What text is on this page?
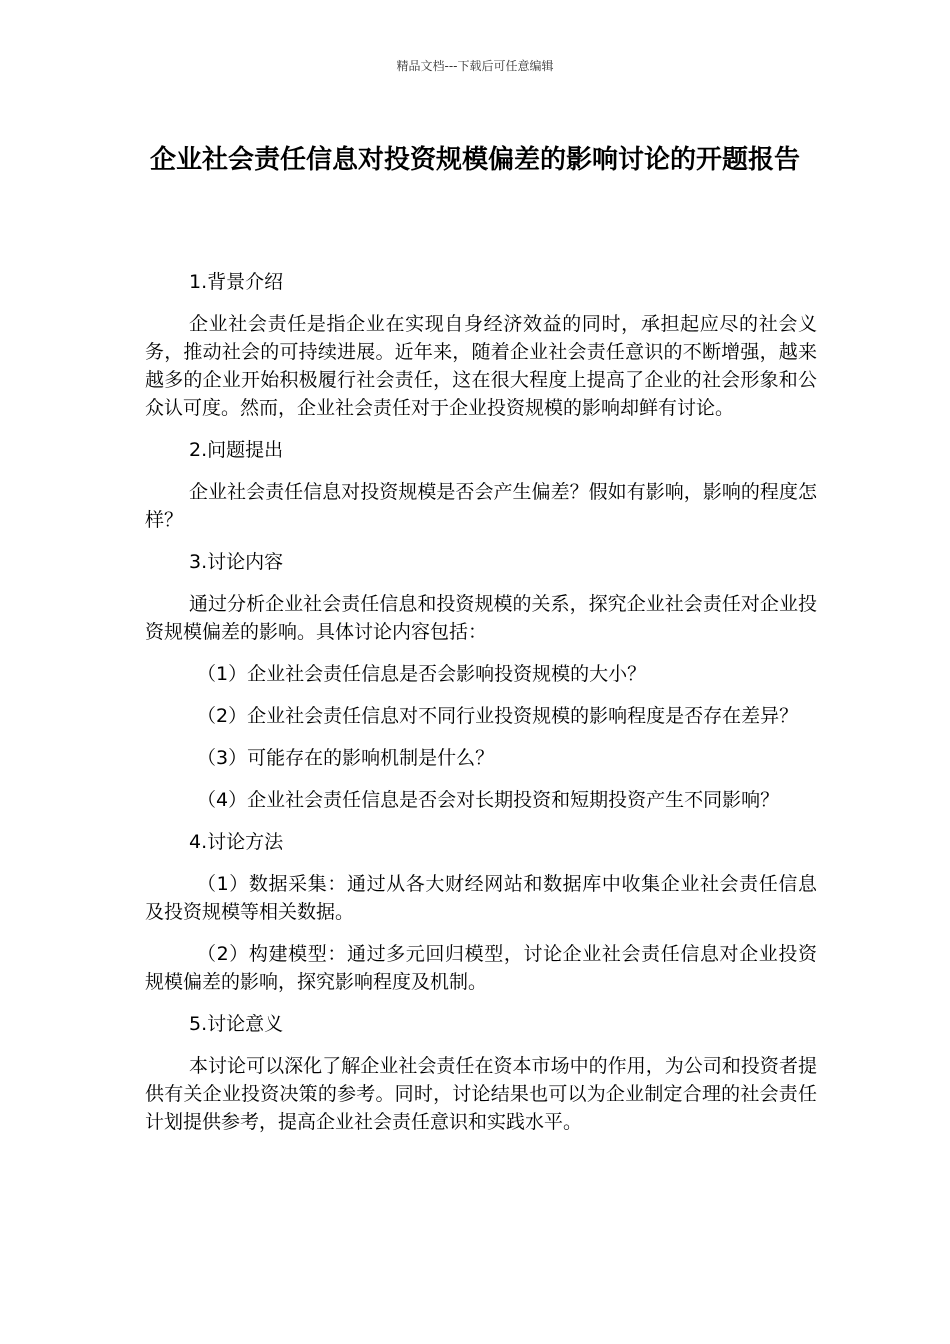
精品文档---下载后可任意编辑
企业社会责任信息对投资规模偏差的影响讨论的开题报告
1.背景介绍
企业社会责任是指企业在实现自身经济效益的同时，承担起应尽的社会义务，推动社会的可持续进展。近年来，随着企业社会责任意识的不断增强，越来越多的企业开始积极履行社会责任，这在很大程度上提高了企业的社会形象和公众认可度。然而，企业社会责任对于企业投资规模的影响却鲜有讨论。
2.问题提出
企业社会责任信息对投资规模是否会产生偏差？假如有影响，影响的程度怎样？
3.讨论内容
通过分析企业社会责任信息和投资规模的关系，探究企业社会责任对企业投资规模偏差的影响。具体讨论内容包括：
（1）企业社会责任信息是否会影响投资规模的大小？
（2）企业社会责任信息对不同行业投资规模的影响程度是否存在差异？
（3）可能存在的影响机制是什么？
（4）企业社会责任信息是否会对长期投资和短期投资产生不同影响？
4.讨论方法
（1）数据采集：通过从各大财经网站和数据库中收集企业社会责任信息及投资规模等相关数据。
（2）构建模型：通过多元回归模型，讨论企业社会责任信息对企业投资规模偏差的影响，探究影响程度及机制。
5.讨论意义
本讨论可以深化了解企业社会责任在资本市场中的作用，为公司和投资者提供有关企业投资决策的参考。同时，讨论结果也可以为企业制定合理的社会责任计划提供参考，提高企业社会责任意识和实践水平。
